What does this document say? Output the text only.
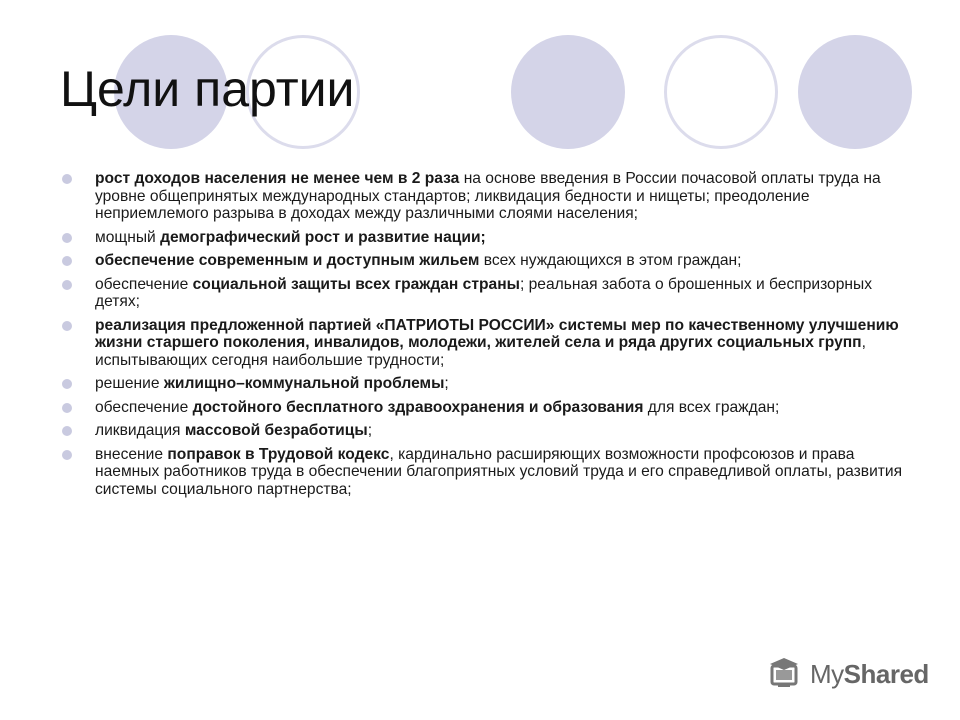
Цели партии
рост доходов населения не менее чем в 2 раза на основе введения в России почасовой оплаты труда на уровне общепринятых международных стандартов; ликвидация бедности и нищеты; преодоление неприемлемого разрыва в доходах между различными слоями населения;
мощный демографический рост и развитие нации;
обеспечение современным и доступным жильем всех нуждающихся в этом граждан;
обеспечение социальной защиты всех граждан страны; реальная забота о брошенных и беспризорных детях;
реализация предложенной партией «ПАТРИОТЫ РОССИИ» системы мер по качественному улучшению жизни старшего поколения, инвалидов, молодежи, жителей села и ряда других социальных групп, испытывающих сегодня наибольшие трудности;
решение жилищно–коммунальной проблемы;
обеспечение достойного бесплатного здравоохранения и образования для всех граждан;
ликвидация массовой безработицы;
внесение поправок в Трудовой кодекс, кардинально расширяющих возможности профсоюзов и права наемных работников труда в обеспечении благоприятных условий труда и его справедливой оплаты, развития системы социального партнерства;
MyShared
